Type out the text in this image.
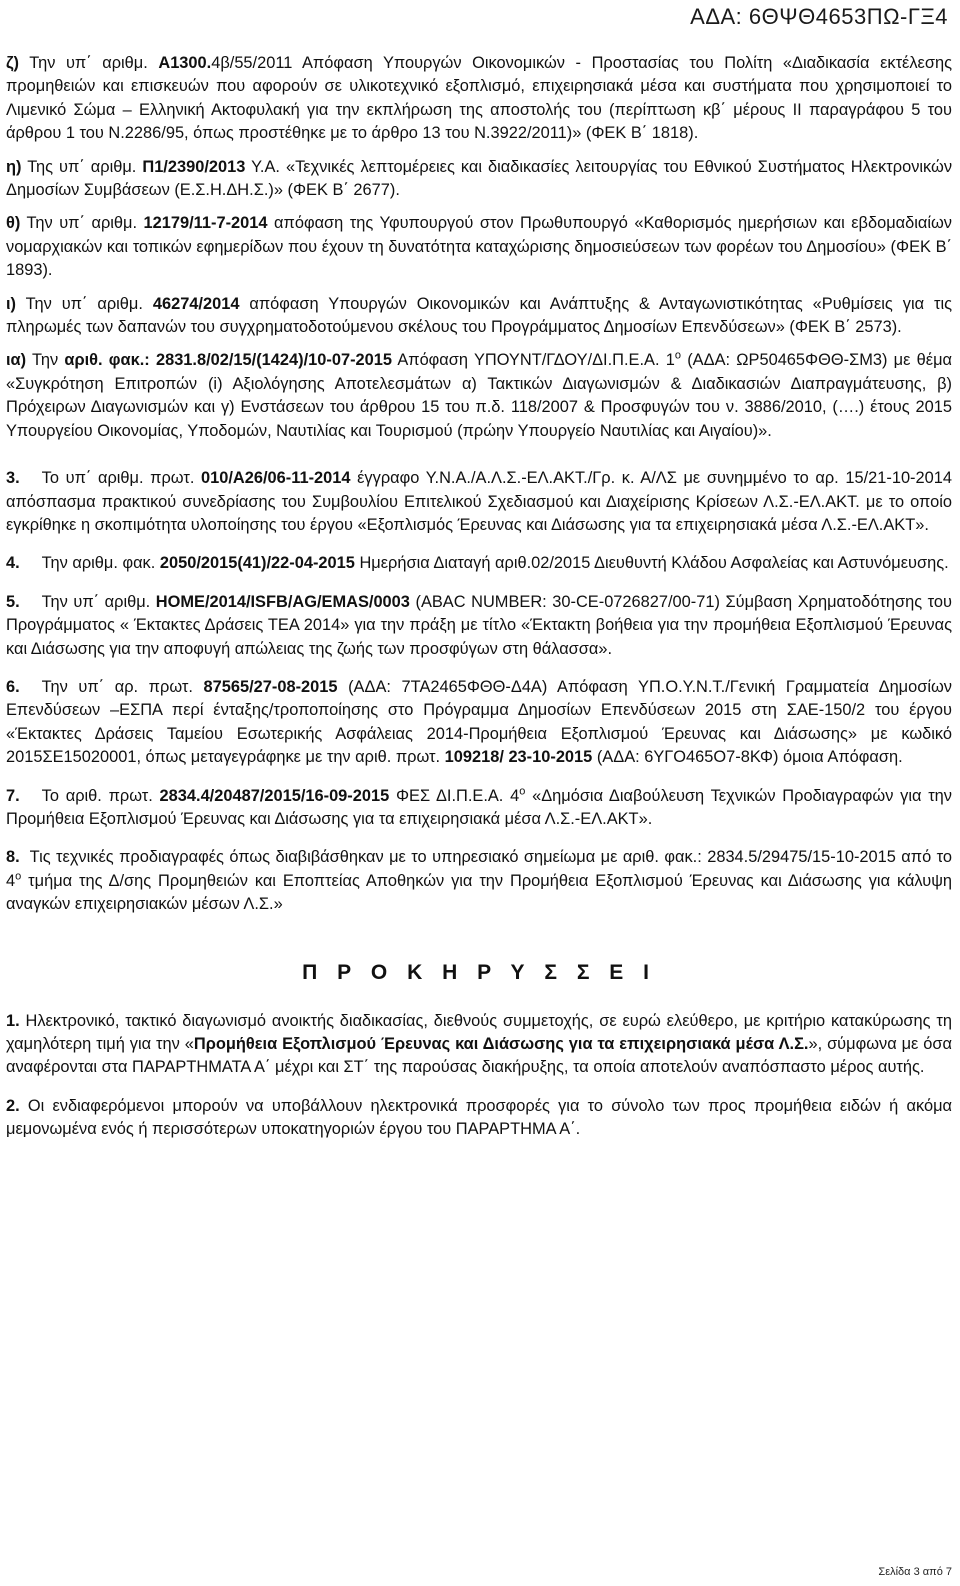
ΑΔΑ: 6ΘΨΘ4653ΠΩ-ΓΞ4

ζ) Την υπ΄ αριθμ. Α1300.4β/55/2011 Απόφαση Υπουργών Οικονομικών - Προστασίας του Πολίτη «Διαδικασία εκτέλεσης προμηθειών και επισκευών που αφορούν σε υλικοτεχνικό εξοπλισμό, επιχειρησιακά μέσα και συστήματα που χρησιμοποιεί το Λιμενικό Σώμα – Ελληνική Ακτοφυλακή για την εκπλήρωση της αποστολής του (περίπτωση κβ΄ μέρους ΙΙ παραγράφου 5 του άρθρου 1 του Ν.2286/95, όπως προστέθηκε με το άρθρο 13 του Ν.3922/2011)» (ΦΕΚ Β΄ 1818).

η) Της υπ΄ αριθμ. Π1/2390/2013 Υ.Α. «Τεχνικές λεπτομέρειες και διαδικασίες λειτουργίας του Εθνικού Συστήματος Ηλεκτρονικών Δημοσίων Συμβάσεων (Ε.Σ.Η.ΔΗ.Σ.)» (ΦΕΚ Β΄ 2677).

θ) Την υπ΄ αριθμ. 12179/11-7-2014 απόφαση της Υφυπουργού στον Πρωθυπουργό «Καθορισμός ημερήσιων και εβδομαδιαίων νομαρχιακών και τοπικών εφημερίδων που έχουν τη δυνατότητα καταχώρισης δημοσιεύσεων των φορέων του Δημοσίου» (ΦΕΚ Β΄ 1893).

ι) Την υπ΄ αριθμ. 46274/2014 απόφαση Υπουργών Οικονομικών και Ανάπτυξης & Ανταγωνιστικότητας «Ρυθμίσεις για τις πληρωμές των δαπανών του συγχρηματοδοτούμενου σκέλους του Προγράμματος Δημοσίων Επενδύσεων» (ΦΕΚ Β΄ 2573).

ια) Την αριθ. φακ.: 2831.8/02/15/(1424)/10-07-2015 Απόφαση ΥΠΟΥΝΤ/ΓΔΟΥ/ΔΙ.Π.Ε.Α. $1^o$ (ΑΔΑ: ΩΡ50465ΦΘΘ-ΣΜ3) με θέμα «Συγκρότηση Επιτροπών (i) Αξιολόγησης Αποτελεσμάτων α) Τακτικών Διαγωνισμών & Διαδικασιών Διαπραγμάτευσης, β) Πρόχειρων Διαγωνισμών και γ) Ενστάσεων του άρθρου 15 του π.δ. 118/2007 & Προσφυγών του ν. 3886/2010, (….) έτους 2015 Υπουργείου Οικονομίας, Υποδομών, Ναυτιλίας και Τουρισμού (πρώην Υπουργείο Ναυτιλίας και Αιγαίου)».

3. Το υπ΄ αριθμ. πρωτ. 010/Α26/06-11-2014 έγγραφο Υ.Ν.Α./Α.Λ.Σ.-ΕΛ.ΑΚΤ./Γρ. κ. Α/ΛΣ με συνημμένο το αρ. 15/21-10-2014 απόσπασμα πρακτικού συνεδρίασης του Συμβουλίου Επιτελικού Σχεδιασμού και Διαχείρισης Κρίσεων Λ.Σ.-ΕΛ.ΑΚΤ. με το οποίο εγκρίθηκε η σκοπιμότητα υλοποίησης του έργου «Εξοπλισμός Έρευνας και Διάσωσης για τα επιχειρησιακά μέσα Λ.Σ.-ΕΛ.ΑΚΤ».

4. Την αριθμ. φακ. 2050/2015(41)/22-04-2015 Ημερήσια Διαταγή αριθ.02/2015 Διευθυντή Κλάδου Ασφαλείας και Αστυνόμευσης.

5. Την υπ΄ αριθμ. HOME/2014/ISFB/AG/EMAS/0003 (ABAC NUMBER: 30-CE-0726827/00-71) Σύμβαση Χρηματοδότησης του Προγράμματος « Έκτακτες Δράσεις ΤΕΑ 2014» για την πράξη με τίτλο «Έκτακτη βοήθεια για την προμήθεια Εξοπλισμού Έρευνας και Διάσωσης για την αποφυγή απώλειας της ζωής των προσφύγων στη θάλασσα».

6. Την υπ΄ αρ. πρωτ. 87565/27-08-2015 (ΑΔΑ: 7ΤΑ2465ΦΘΘ-Δ4Α) Απόφαση ΥΠ.Ο.Υ.Ν.Τ./Γενική Γραμματεία Δημοσίων Επενδύσεων –ΕΣΠΑ περί ένταξης/τροποποίησης στο Πρόγραμμα Δημοσίων Επενδύσεων 2015 στη ΣΑΕ-150/2 του έργου «Έκτακτες Δράσεις Ταμείου Εσωτερικής Ασφάλειας 2014-Προμήθεια Εξοπλισμού Έρευνας και Διάσωσης» με κωδικό 2015ΣΕ15020001, όπως μεταγεγράφηκε με την αριθ. πρωτ. 109218/ 23-10-2015 (ΑΔΑ: 6ΥΓΟ465Ο7-8ΚΦ) όμοια Απόφαση.

7. Το αριθ. πρωτ. 2834.4/20487/2015/16-09-2015 ΦΕΣ ΔΙ.Π.Ε.Α. $4^o$ «Δημόσια Διαβούλευση Τεχνικών Προδιαγραφών για την Προμήθεια Εξοπλισμού Έρευνας και Διάσωσης για τα επιχειρησιακά μέσα Λ.Σ.-ΕΛ.ΑΚΤ».

8. Τις τεχνικές προδιαγραφές όπως διαβιβάσθηκαν με το υπηρεσιακό σημείωμα με αριθ. φακ.: 2834.5/29475/15-10-2015 από το $4^o$ τμήμα της Δ/σης Προμηθειών και Εποπτείας Αποθηκών για την Προμήθεια Εξοπλισμού Έρευνας και Διάσωσης για κάλυψη αναγκών επιχειρησιακών μέσων Λ.Σ.»

Π Ρ Ο Κ Η Ρ Υ Σ Σ Ε Ι

1. Ηλεκτρονικό, τακτικό διαγωνισμό ανοικτής διαδικασίας, διεθνούς συμμετοχής, σε ευρώ ελεύθερο, με κριτήριο κατακύρωσης τη χαμηλότερη τιμή για την «Προμήθεια Εξοπλισμού Έρευνας και Διάσωσης για τα επιχειρησιακά μέσα Λ.Σ.», σύμφωνα με όσα αναφέρονται στα ΠΑΡΑΡΤΗΜΑΤΑ Α΄ μέχρι και ΣΤ΄ της παρούσας διακήρυξης, τα οποία αποτελούν αναπόσπαστο μέρος αυτής.

2. Οι ενδιαφερόμενοι μπορούν να υποβάλλουν ηλεκτρονικά προσφορές για το σύνολο των προς προμήθεια ειδών ή ακόμα μεμονωμένα ενός ή περισσότερων υποκατηγοριών έργου του ΠΑΡΑΡΤΗΜΑ Α΄.

Σελίδα 3 από 7
